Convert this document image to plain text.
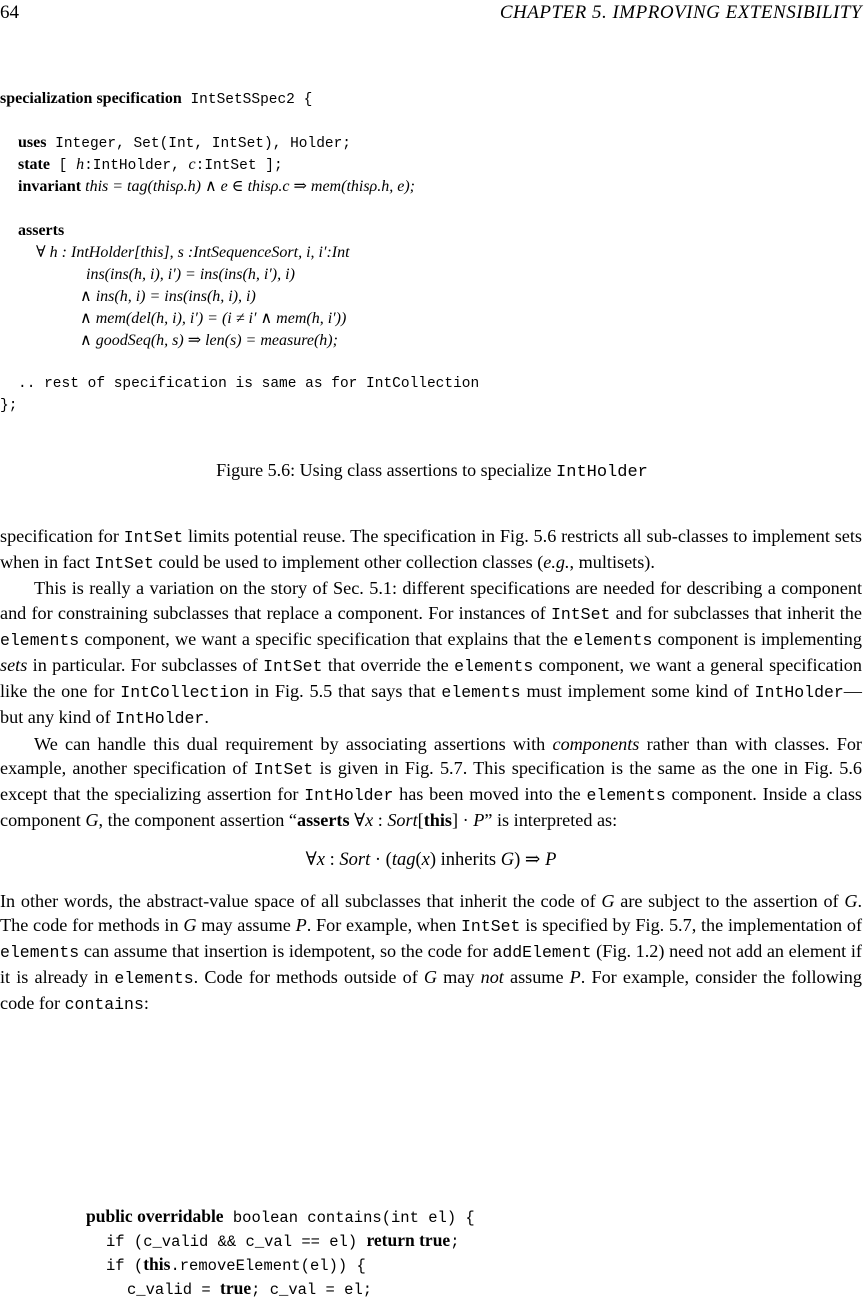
64	CHAPTER 5. IMPROVING EXTENSIBILITY
specialization specification IntSetSSpec2 {
uses Integer, Set(Int, IntSet), Holder;
state [ h:IntHolder, c:IntSet ];
invariant this = tag(thisρ.h) ∧ e ∈ thisρ.c ⇒ mem(thisρ.h, e);
asserts
∀ h : IntHolder[this], s :IntSequenceSort, i, i′:Int
ins(ins(h, i), i′) = ins(ins(h, i′), i)
∧ ins(h, i) = ins(ins(h, i), i)
∧ mem(del(h, i), i′) = (i ≠ i′ ∧ mem(h, i′))
∧ goodSeq(h, s) ⇒ len(s) = measure(h);
.. rest of specification is same as for IntCollection
};
Figure 5.6: Using class assertions to specialize IntHolder

specification for IntSet limits potential reuse. The specification in Fig. 5.6 restricts all sub-classes to implement sets when in fact IntSet could be used to implement other collection classes (e.g., multisets).

This is really a variation on the story of Sec. 5.1: different specifications are needed for describing a component and for constraining subclasses that replace a component. For instances of IntSet and for subclasses that inherit the elements component, we want a specific specification that explains that the elements component is implementing sets in particular. For subclasses of IntSet that override the elements component, we want a general specification like the one for IntCollection in Fig. 5.5 that says that elements must implement some kind of IntHolder—but any kind of IntHolder.

We can handle this dual requirement by associating assertions with components rather than with classes. For example, another specification of IntSet is given in Fig. 5.7. This specification is the same as the one in Fig. 5.6 except that the specializing assertion for IntHolder has been moved into the elements component. Inside a class component G, the component assertion “asserts ∀x : Sort[this] · P” is interpreted as:

∀x : Sort · (tag(x) inherits G) ⇒ P

In other words, the abstract-value space of all subclasses that inherit the code of G are subject to the assertion of G. The code for methods in G may assume P. For example, when IntSet is specified by Fig. 5.7, the implementation of elements can assume that insertion is idempotent, so the code for addElement (Fig. 1.2) need not add an element if it is already in elements. Code for methods outside of G may not assume P. For example, consider the following code for contains:

public overridable boolean contains(int el) {
if (c_valid && c_val == el) return true;
if (this.removeElement(el)) {
c_valid = true; c_val = el;
